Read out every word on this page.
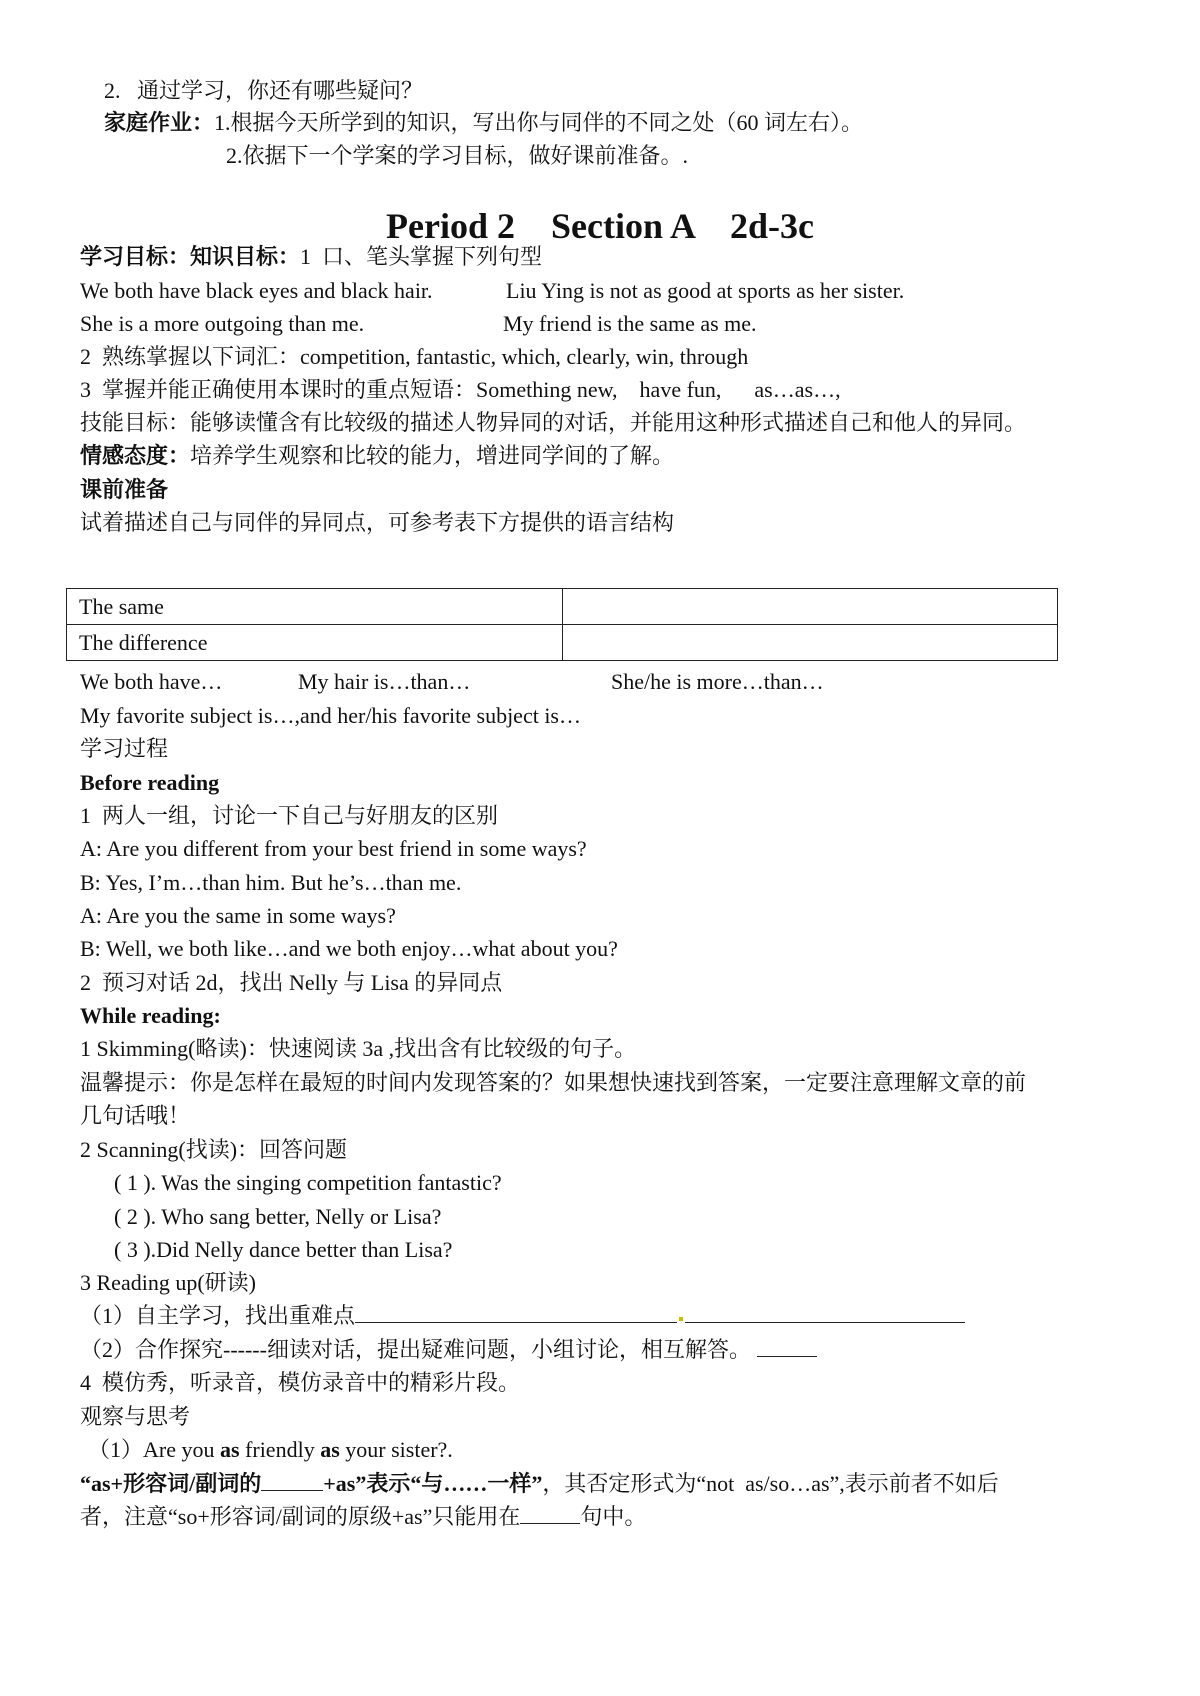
2.   通过学习，你还有哪些疑问？
家庭作业：1.根据今天所学到的知识，写出你与同伴的不同之处（60 词左右）。
2.依据下一个学案的学习目标，做好课前准备。.
Period 2    Section A    2d-3c
学习目标：知识目标：1  口、笔头掌握下列句型
We both have black eyes and black hair.	Liu Ying is not as good at sports as her sister.
She is a more outgoing than me.	My friend is the same as me.
2  熟练掌握以下词汇：competition, fantastic, which, clearly, win, through
3  掌握并能正确使用本课时的重点短语：Something new,    have fun,      as…as…,
技能目标：能够读懂含有比较级的描述人物异同的对话，并能用这种形式描述自己和他人的异同。
情感态度：培养学生观察和比较的能力，增进同学间的了解。
课前准备
试着描述自己与同伴的异同点，可参考表下方提供的语言结构
The same	
The difference	
We both have…	My hair is…than…	She/he is more…than…
My favorite subject is…,and her/his favorite subject is…
学习过程
Before reading
1  两人一组，讨论一下自己与好朋友的区别
A: Are you different from your best friend in some ways?
B: Yes, I’m…than him. But he’s…than me.
A: Are you the same in some ways?
B: Well, we both like…and we both enjoy…what about you?
2  预习对话 2d，找出 Nelly 与 Lisa 的异同点
While reading:
1 Skimming(略读)：快速阅读 3a ,找出含有比较级的句子。
温馨提示：你是怎样在最短的时间内发现答案的？如果想快速找到答案，一定要注意理解文章的前
几句话哦！
2 Scanning(找读)：回答问题
( 1 ). Was the singing competition fantastic?
( 2 ). Who sang better, Nelly or Lisa?
( 3 ).Did Nelly dance better than Lisa?
3 Reading up(研读)
（1）自主学习，找出重难点
（2）合作探究------细读对话，提出疑难问题，小组讨论，相互解答。
4  模仿秀，听录音，模仿录音中的精彩片段。
观察与思考
（1）Are you as friendly as your sister?.
“as+形容词/副词的	+as”表示“与……一样”，其否定形式为“not  as/so…as”,表示前者不如后
者，注意“so+形容词/副词的原级+as”只能用在	句中。
